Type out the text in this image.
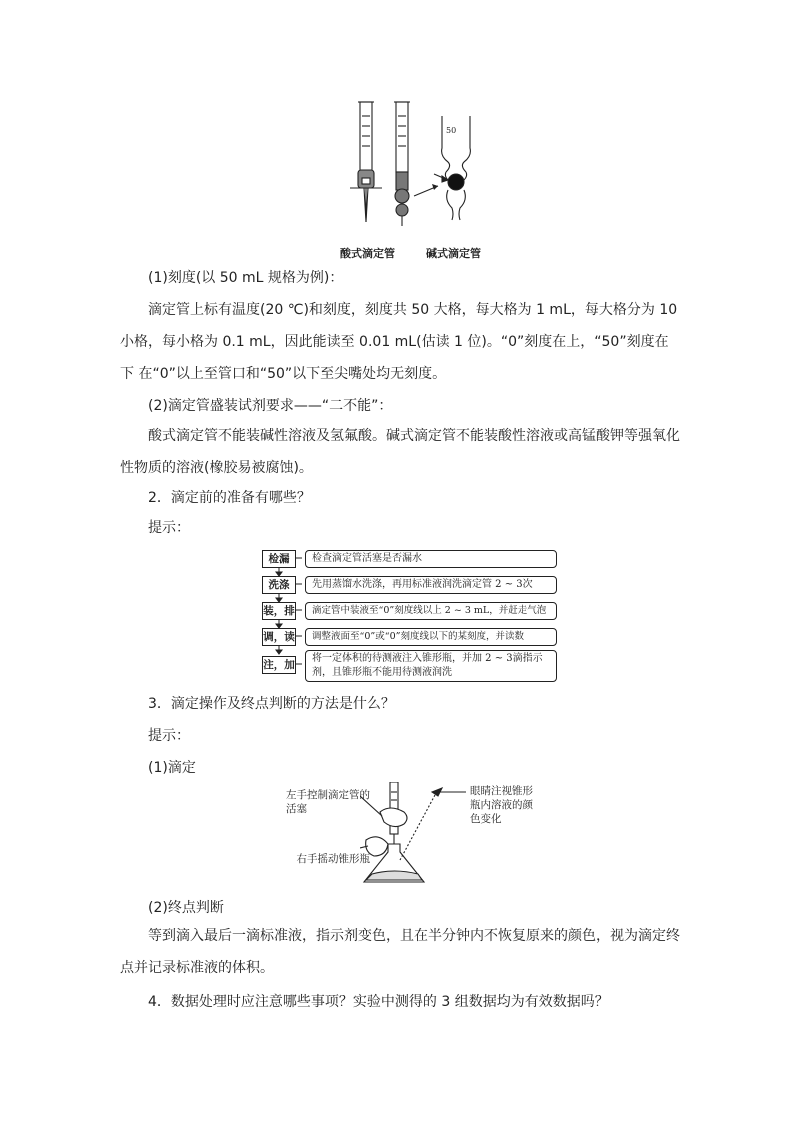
50
酸式滴定管	碱式滴定管
(1)刻度(以 50 mL 规格为例)：

滴定管上标有温度(20 ℃)和刻度，刻度共 50 大格，每大格为 1 mL，每大格分为 10 小格，每小格为 0.1 mL，因此能读至 0.01 mL(估读 1 位)。“0”刻度在上，“50”刻度在下 在“0”以上至管口和“50”以下至尖嘴处均无刻度。

(2)滴定管盛装试剂要求——“二不能”：

酸式滴定管不能装碱性溶液及氢氟酸。碱式滴定管不能装酸性溶液或高锰酸钾等强氧化性物质的溶液(橡胶易被腐蚀)。

2．滴定前的准备有哪些？
提示：
检漏	检查滴定管活塞是否漏水
洗涤	先用蒸馏水洗涤，再用标准液润洗滴定管 2 ~ 3次
装，排	滴定管中装液至“0”刻度线以上 2 ~ 3 mL，并赶走气泡
调，读	调整液面至“0”或“0”刻度线以下的某刻度，并读数
注，加
将一定体积的待测液注入锥形瓶，并加 2 ~ 3滴指示剂，且锥形瓶不能用待测液润洗
3．滴定操作及终点判断的方法是什么？
提示：
(1)滴定
左手控制滴定管的活塞
眼睛注视锥形瓶内溶液的颜色变化
右手摇动锥形瓶
(2)终点判断

等到滴入最后一滴标准液，指示剂变色，且在半分钟内不恢复原来的颜色，视为滴定终点并记录标准液的体积。

4．数据处理时应注意哪些事项？实验中测得的 3 组数据均为有效数据吗？
